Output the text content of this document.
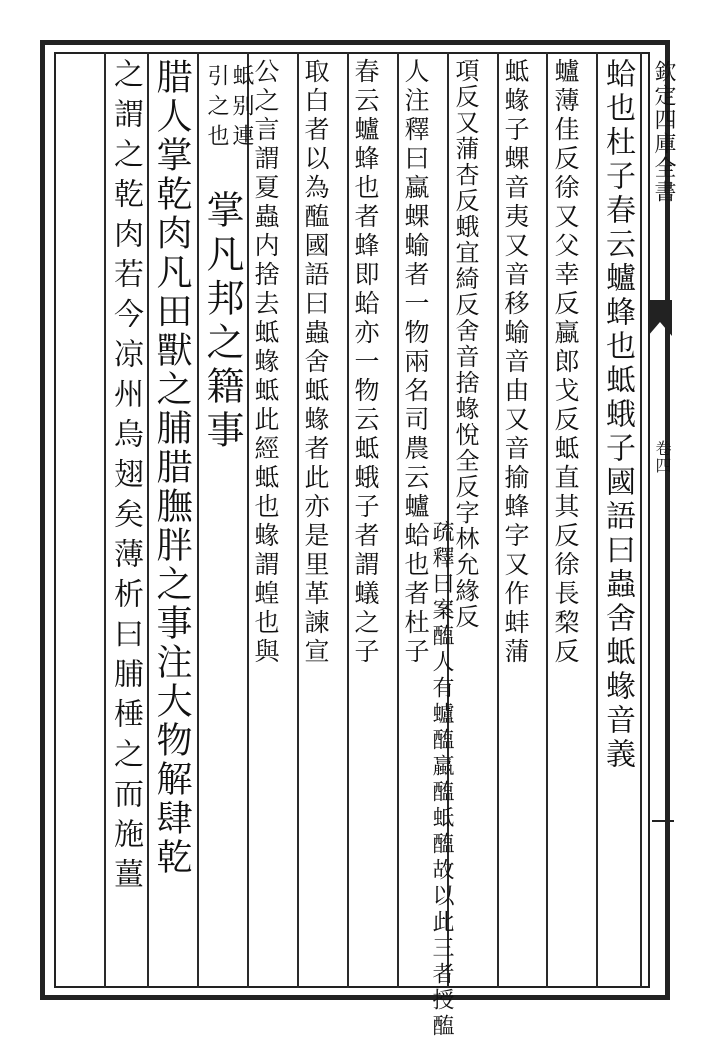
欽定四庫全書
卷四
蛤也杜子春云蠦蜂也蚳蛾子國語曰蟲舍蚳蝝音義
蠦薄佳反徐又父幸反蠃郎戈反蚳直其反徐長棃反
蚳蝝子蜾音夷又音移蝓音由又音揄蜂字又作蚌蒲
項反又蒲杏反蛾宜綺反舍音捨蝝悅全反字林允緣反
疏釋曰案醢人有蠦醢蠃醢蚳醢故以此三者授醢
人注釋曰蠃蜾蝓者一物兩名司農云蠦蛤也者杜子
春云蠦蜂也者蜂即蛤亦一物云蚳蛾子者謂蟻之子
取白者以為醢國語曰蟲舍蚳蝝者此亦是里革諫宣
公之言謂夏蟲内捨去蚳蝝蚳此經蚳也蝝謂蝗也與
蚳别連
引之也
掌凡邦之籍事
腊人掌乾肉凡田獸之脯腊膴胖之事注大物解肆乾
之謂之乾肉若今凉州烏翅矣薄析曰脯棰之而施薑
